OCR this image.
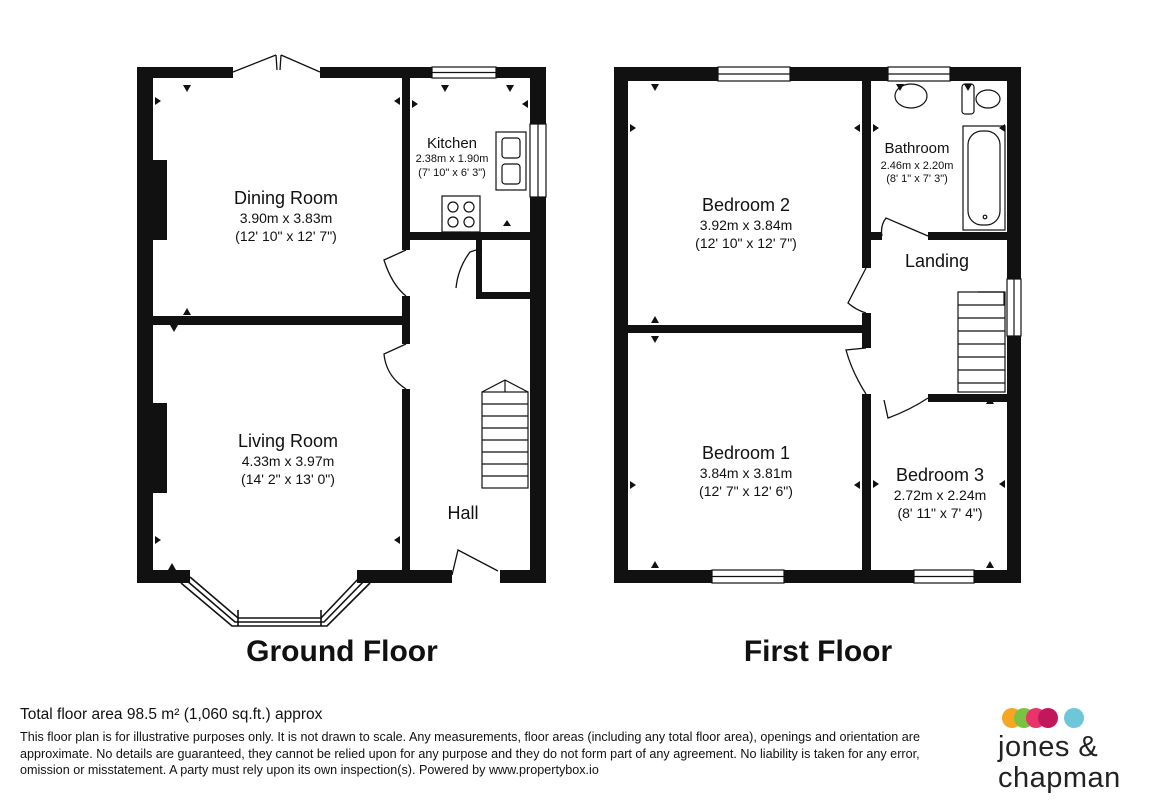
Dining Room
3.90m x 3.83m
(12' 10" x 12' 7")
Kitchen
2.38m x 1.90m
(7' 10" x 6' 3")
Living Room
4.33m x 3.97m
(14' 2" x 13' 0")
Hall
Ground Floor
Bedroom 2
3.92m x 3.84m
(12' 10" x 12' 7")
Bathroom
2.46m x 2.20m
(8' 1" x 7' 3")
Landing
Bedroom 1
3.84m x 3.81m
(12' 7" x 12' 6")
Bedroom 3
2.72m x 2.24m
(8' 11" x 7' 4")
First Floor

Total floor area 98.5 m² (1,060 sq.ft.) approx

This floor plan is for illustrative purposes only. It is not drawn to scale. Any measurements, floor areas (including any total floor area), openings and orientation are approximate. No details are guaranteed, they cannot be relied upon for any purpose and they do not form part of any agreement. No liability is taken for any error, omission or misstatement. A party must rely upon its own inspection(s). Powered by www.propertybox.io

jones &
chapman
